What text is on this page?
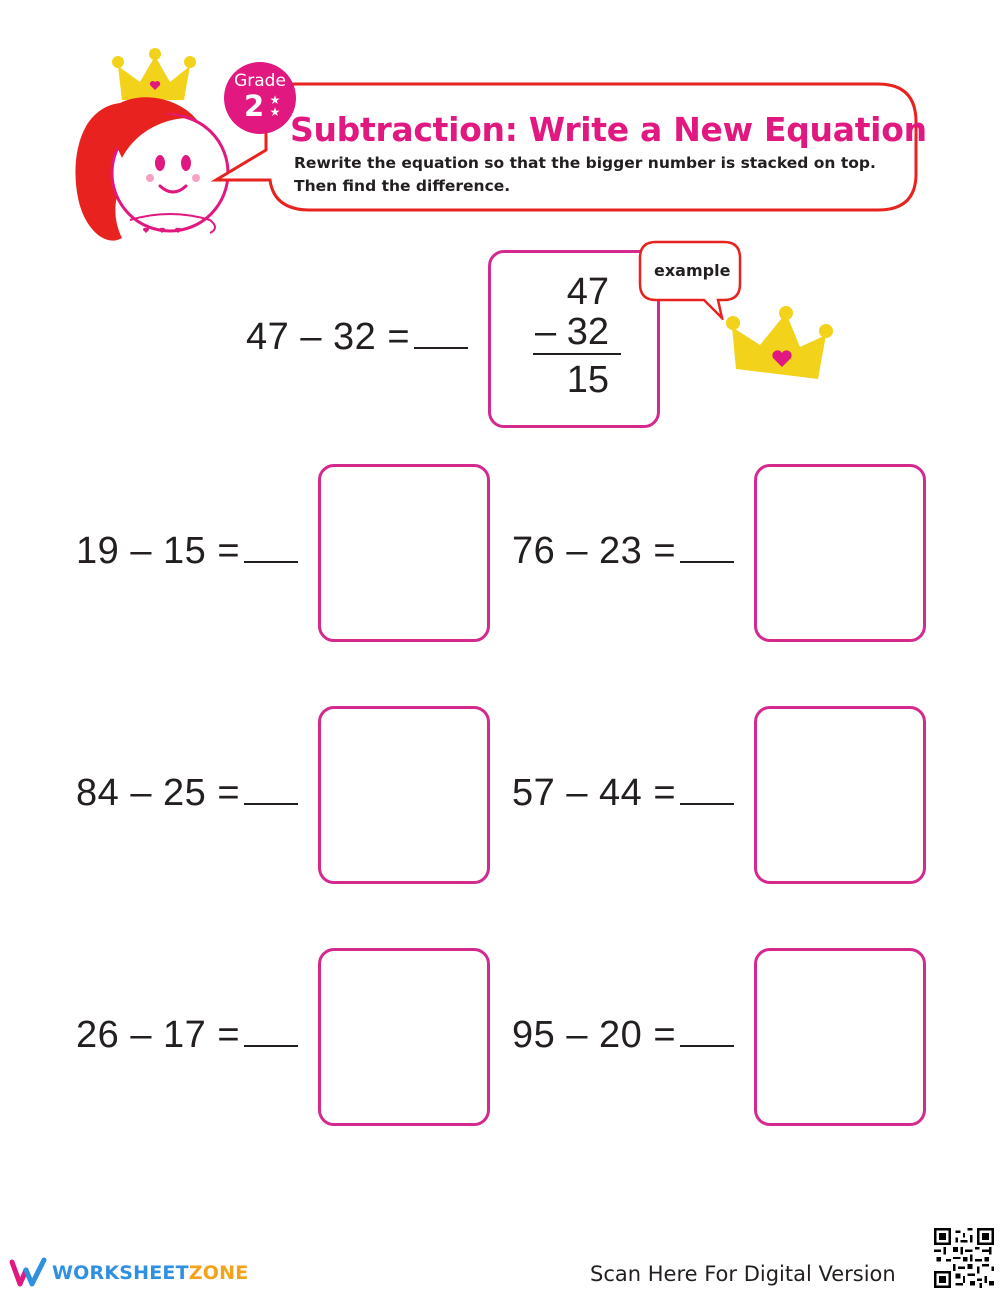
Grade
2 ★
★ Subtraction: Write a New Equation
Rewrite the equation so that the bigger number is stacked on top. Then find the difference.
47 – 32 =
47
– 32
15
example
19 – 15 =	76 – 23 =
84 – 25 =	57 – 44 =
26 – 17 =	95 – 20 =
WORKSHEETZONE	Scan Here For Digital Version
